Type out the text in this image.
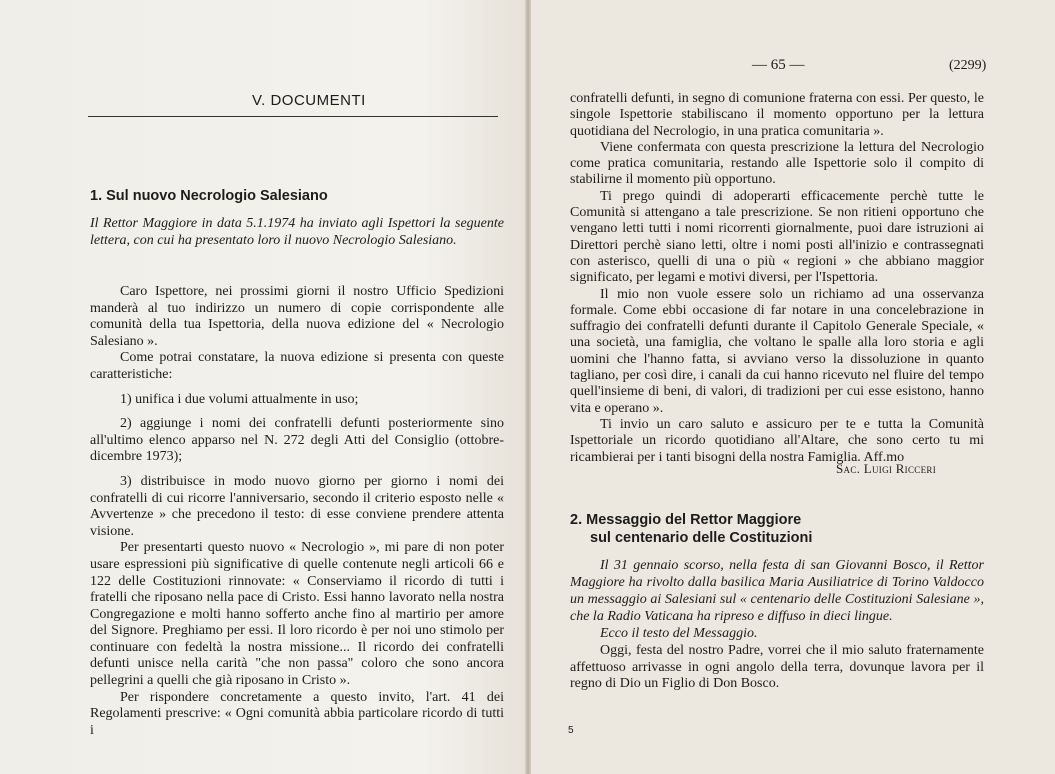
V. DOCUMENTI
1. Sul nuovo Necrologio Salesiano
Il Rettor Maggiore in data 5.1.1974 ha inviato agli Ispettori la seguente lettera, con cui ha presentato loro il nuovo Necrologio Salesiano.

Caro Ispettore, nei prossimi giorni il nostro Ufficio Spedizioni manderà al tuo indirizzo un numero di copie corrispondente alle comunità della tua Ispettoria, della nuova edizione del « Necrologio Salesiano ».

Come potrai constatare, la nuova edizione si presenta con queste caratteristiche:

1) unifica i due volumi attualmente in uso;

2) aggiunge i nomi dei confratelli defunti posteriormente sino all'ultimo elenco apparso nel N. 272 degli Atti del Consiglio (ottobre-dicembre 1973);

3) distribuisce in modo nuovo giorno per giorno i nomi dei confratelli di cui ricorre l'anniversario, secondo il criterio esposto nelle « Avvertenze » che precedono il testo: di esse conviene prendere attenta visione.

Per presentarti questo nuovo « Necrologio », mi pare di non poter usare espressioni più significative di quelle contenute negli articoli 66 e 122 delle Costituzioni rinnovate: « Conserviamo il ricordo di tutti i fratelli che riposano nella pace di Cristo. Essi hanno lavorato nella nostra Congregazione e molti hanno sofferto anche fino al martirio per amore del Signore. Preghiamo per essi. Il loro ricordo è per noi uno stimolo per continuare con fedeltà la nostra missione... Il ricordo dei confratelli defunti unisce nella carità "che non passa" coloro che sono ancora pellegrini a quelli che già riposano in Cristo ».

Per rispondere concretamente a questo invito, l'art. 41 dei Regolamenti prescrive: « Ogni comunità abbia particolare ricordo di tutti i

— 65 —	(2299)

confratelli defunti, in segno di comunione fraterna con essi. Per questo, le singole Ispettorie stabiliscano il momento opportuno per la lettura quotidiana del Necrologio, in una pratica comunitaria ».

Viene confermata con questa prescrizione la lettura del Necrologio come pratica comunitaria, restando alle Ispettorie solo il compito di stabilirne il momento più opportuno.

Ti prego quindi di adoperarti efficacemente perchè tutte le Comunità si attengano a tale prescrizione. Se non ritieni opportuno che vengano letti tutti i nomi ricorrenti giornalmente, puoi dare istruzioni ai Direttori perchè siano letti, oltre i nomi posti all'inizio e contrassegnati con asterisco, quelli di una o più « regioni » che abbiano maggior significato, per legami e motivi diversi, per l'Ispettoria.

Il mio non vuole essere solo un richiamo ad una osservanza formale. Come ebbi occasione di far notare in una concelebrazione in suffragio dei confratelli defunti durante il Capitolo Generale Speciale, « una società, una famiglia, che voltano le spalle alla loro storia e agli uomini che l'hanno fatta, si avviano verso la dissoluzione in quanto tagliano, per così dire, i canali da cui hanno ricevuto nel fluire del tempo quell'insieme di beni, di valori, di tradizioni per cui esse esistono, hanno vita e operano ».

Ti invio un caro saluto e assicuro per te e tutta la Comunità Ispettoriale un ricordo quotidiano all'Altare, che sono certo tu mi ricambierai per i tanti bisogni della nostra Famiglia. Aff.mo

Sac. Luigi Ricceri
2. Messaggio del Rettor Maggiore
sul centenario delle Costituzioni

Il 31 gennaio scorso, nella festa di san Giovanni Bosco, il Rettor Maggiore ha rivolto dalla basilica Maria Ausiliatrice di Torino Valdocco un messaggio ai Salesiani sul « centenario delle Costituzioni Salesiane », che la Radio Vaticana ha ripreso e diffuso in dieci lingue.

Ecco il testo del Messaggio.

Oggi, festa del nostro Padre, vorrei che il mio saluto fraternamente affettuoso arrivasse in ogni angolo della terra, dovunque lavora per il regno di Dio un Figlio di Don Bosco.

5
